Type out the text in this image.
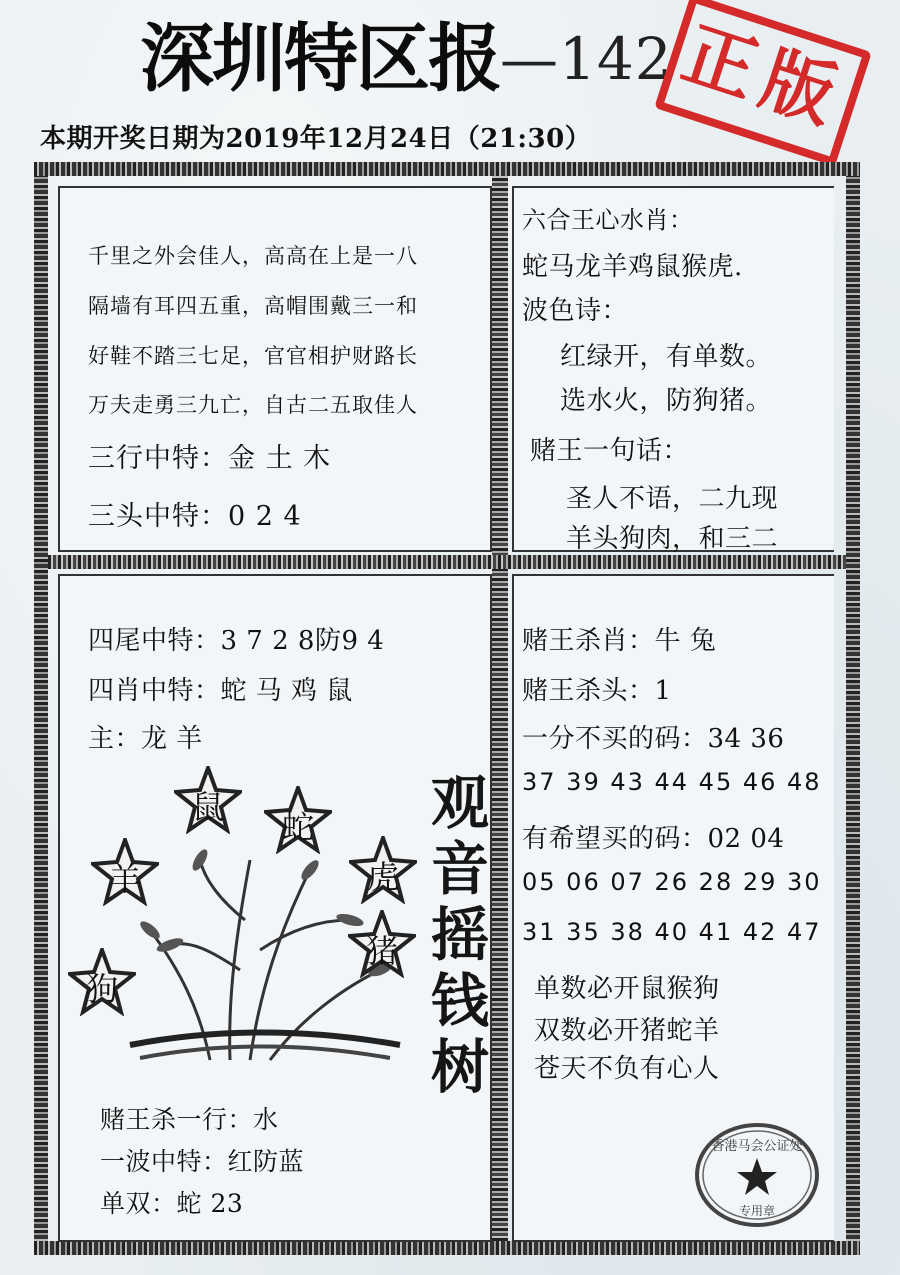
深圳特区报 —142
本期开奖日期为2019年12月24日（21:30） 正版
千里之外会佳人，高高在上是一八
隔墙有耳四五重，高帽围戴三一和
好鞋不踏三七足，官官相护财路长
万夫走勇三九亡，自古二五取佳人
三行中特：金 土 木
三头中特：0 2 4
六合王心水肖：
蛇马龙羊鸡鼠猴虎.
波色诗：
红绿开，有单数。
选水火，防狗猪。
赌王一句话：
圣人不语，二九现
羊头狗肉，和三二
四尾中特：3 7 2 8防9 4
四肖中特：蛇 马 鸡 鼠
主：龙 羊
鼠
蛇
羊	虎
猪
狗
观
音
摇
钱
树
赌王杀一行：水
一波中特：红防蓝
单双：蛇 23
赌王杀肖：牛 兔
赌王杀头：1
一分不买的码：34 36
37 39 43 44 45 46 48
有希望买的码：02 04
05 06 07 26 28 29 30
31 35 38 40 41 42 47
单数必开鼠猴狗
双数必开猪蛇羊
苍天不负有心人
香港马会公证处
专用章
